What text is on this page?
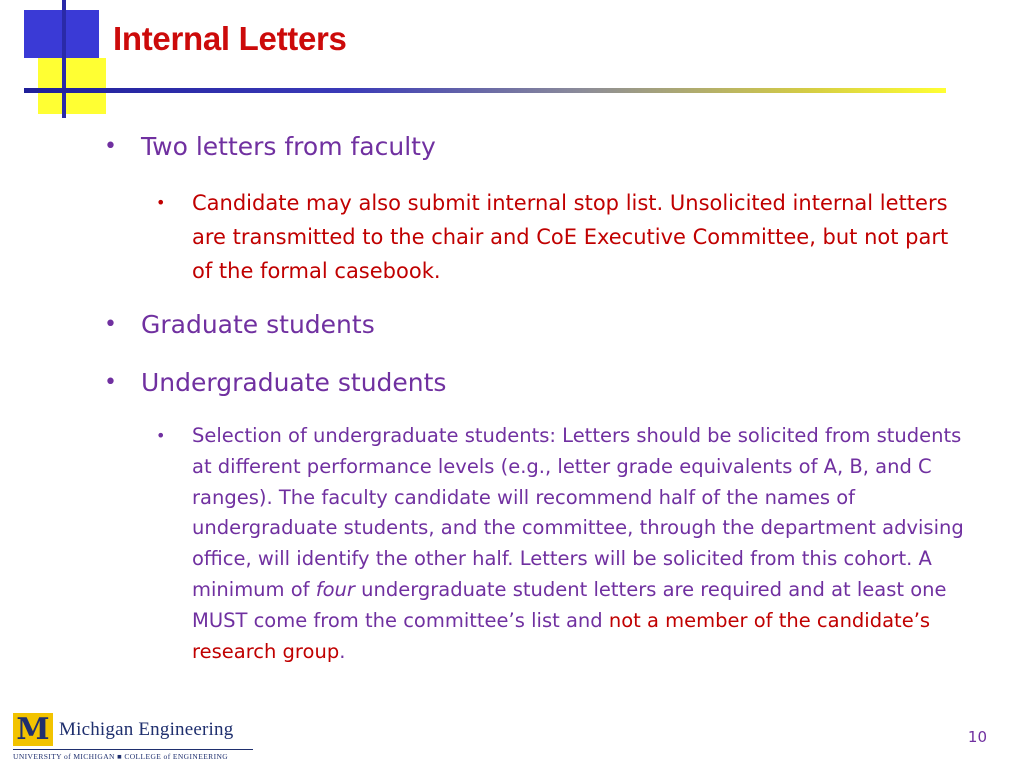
Internal Letters
• Two letters from faculty
• Candidate may also submit internal stop list. Unsolicited internal letters are transmitted to the chair and CoE Executive Committee, but not part of the formal casebook.
• Graduate students
• Undergraduate students
• Selection of undergraduate students: Letters should be solicited from students at different performance levels (e.g., letter grade equivalents of A, B, and C ranges). The faculty candidate will recommend half of the names of undergraduate students, and the committee, through the department advising office, will identify the other half. Letters will be solicited from this cohort. A minimum of four undergraduate student letters are required and at least one MUST come from the committee’s list and not a member of the candidate’s research group.
M Michigan Engineering
UNIVERSITY of MICHIGAN ■ COLLEGE of ENGINEERING
10
